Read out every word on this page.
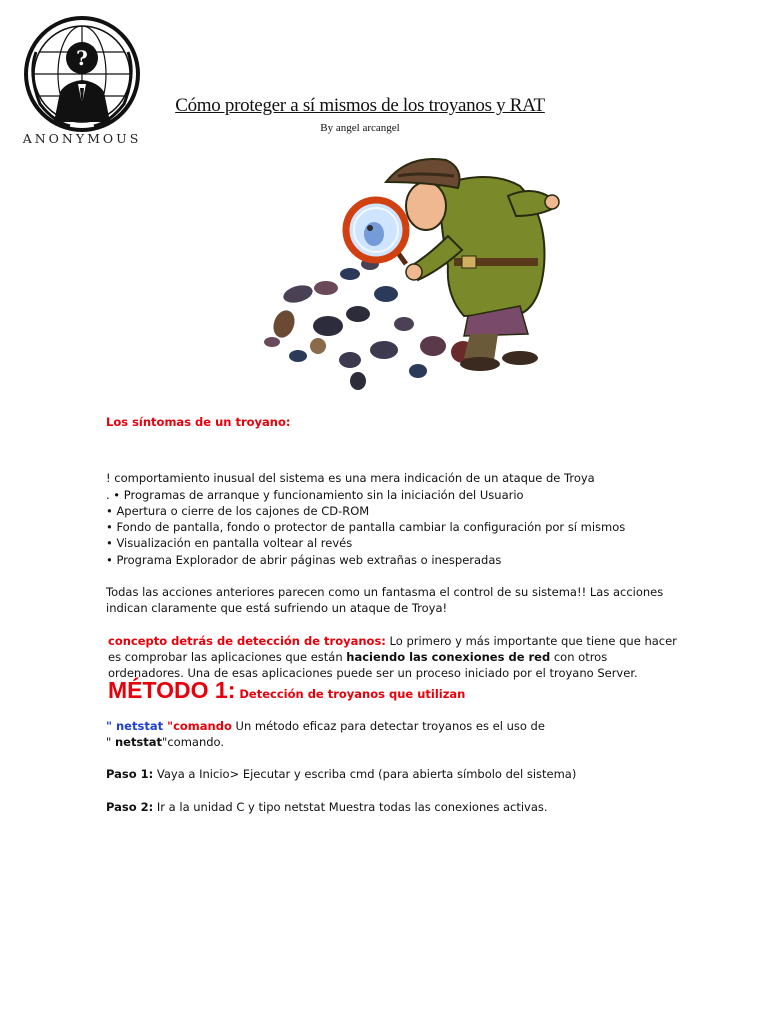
?
ANONYMOUS
Cómo proteger a sí mismos de los troyanos y RAT
By angel arcangel

Los síntomas de un troyano:

! comportamiento inusual del sistema es una mera indicación de un ataque de Troya

. • Programas de arranque y funcionamiento sin la iniciación del Usuario

• Apertura o cierre de los cajones de CD-ROM

• Fondo de pantalla, fondo o protector de pantalla cambiar la configuración por sí mismos

• Visualización en pantalla voltear al revés

• Programa Explorador de abrir páginas web extrañas o inesperadas

Todas las acciones anteriores parecen como un fantasma el control de su sistema!! Las acciones indican claramente que está sufriendo un ataque de Troya!

concepto detrás de detección de troyanos: Lo primero y más importante que tiene que hacer es comprobar las aplicaciones que están haciendo las conexiones de red con otros ordenadores. Una de esas aplicaciones puede ser un proceso iniciado por el troyano Server. MÉTODO 1: Detección de troyanos que utilizan

" netstat "comando Un método eficaz para detectar troyanos es el uso de
" netstat"comando.

Paso 1: Vaya a Inicio> Ejecutar y escriba cmd (para abierta símbolo del sistema)

Paso 2: Ir a la unidad C y tipo netstat Muestra todas las conexiones activas.
